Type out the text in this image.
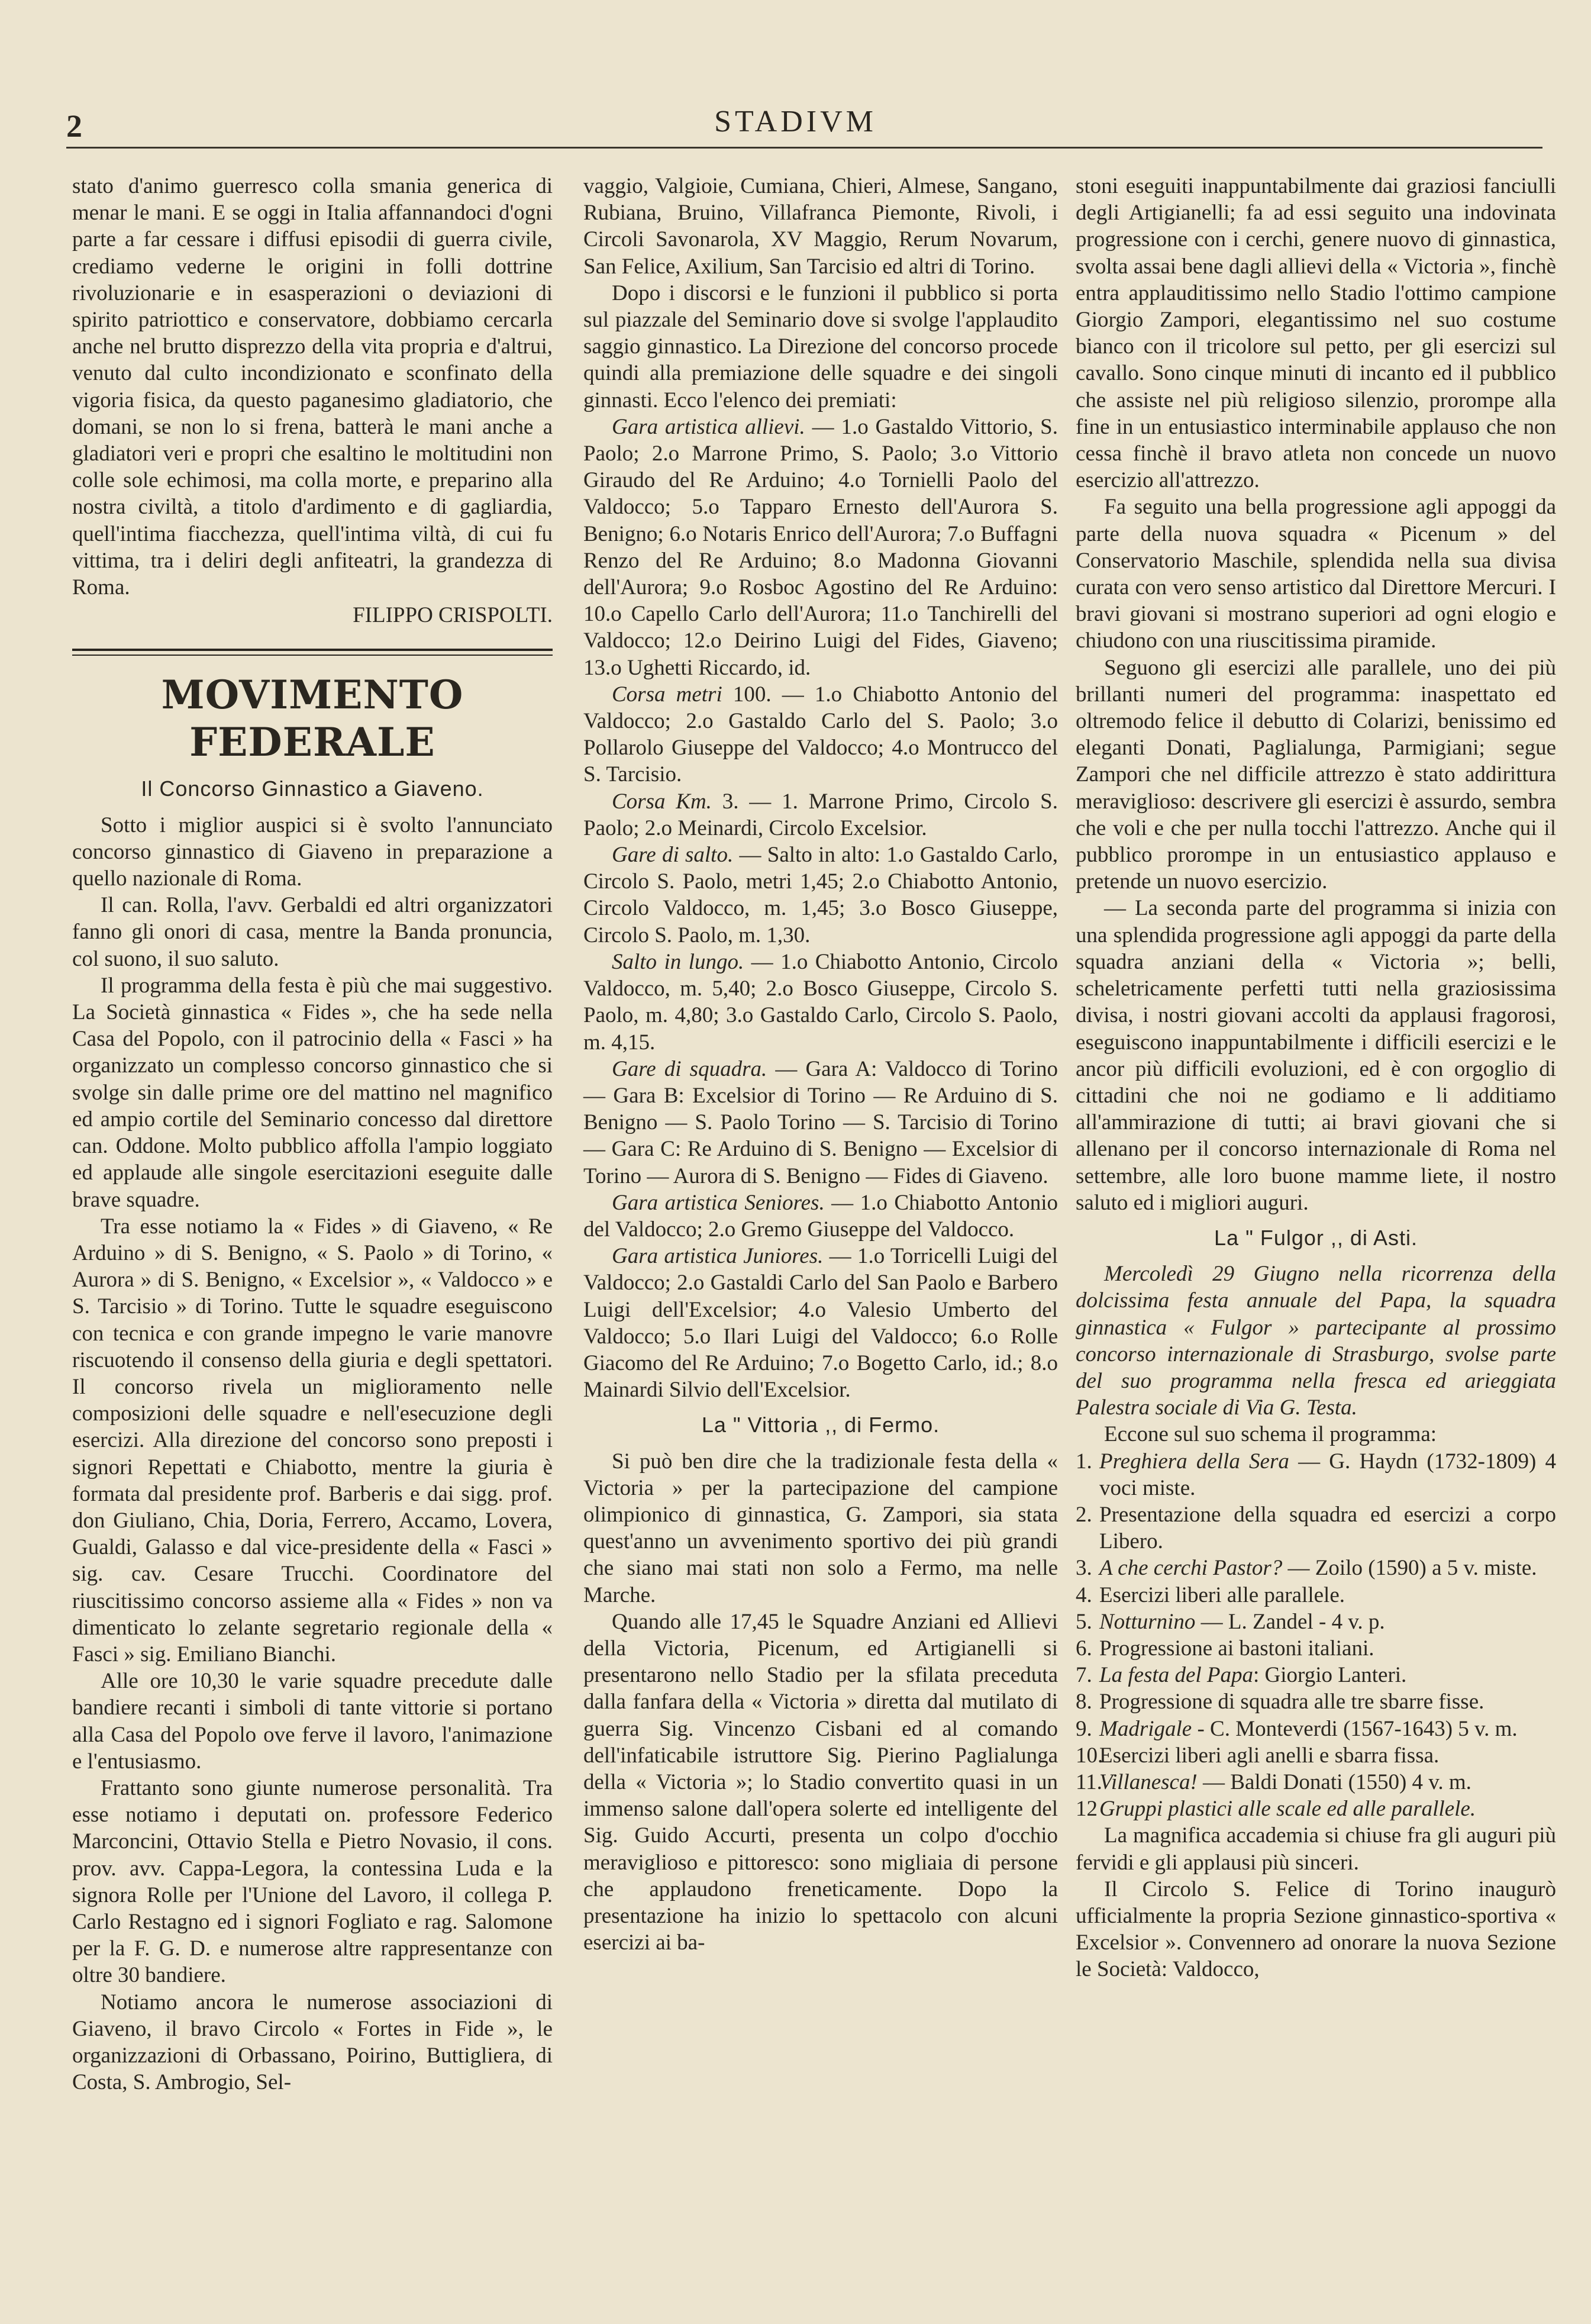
2	STADIVM

stato d'animo guerresco colla smania generica di menar le mani. E se oggi in Italia affannandoci d'ogni parte a far cessare i diffusi episodii di guerra civile, crediamo vederne le origini in folli dottrine rivoluzionarie e in esasperazioni o deviazioni di spirito patriottico e conservatore, dobbiamo cercarla anche nel brutto disprezzo della vita propria e d'altrui, venuto dal culto incondizionato e sconfinato della vigoria fisica, da questo paganesimo gladiatorio, che domani, se non lo si frena, batterà le mani anche a gladiatori veri e propri che esaltino le moltitudini non colle sole echimosi, ma colla morte, e preparino alla nostra civiltà, a titolo d'ardimento e di gagliardia, quell'intima fiacchezza, quell'intima viltà, di cui fu vittima, tra i deliri degli anfiteatri, la grandezza di Roma.

FILIPPO CRISPOLTI.

MOVIMENTO FEDERALE
Il Concorso Ginnastico a Giaveno.

Sotto i miglior auspici si è svolto l'annunciato concorso ginnastico di Giaveno in preparazione a quello nazionale di Roma.

Il can. Rolla, l'avv. Gerbaldi ed altri organizzatori fanno gli onori di casa, mentre la Banda pronuncia, col suono, il suo saluto.

Il programma della festa è più che mai suggestivo. La Società ginnastica « Fides », che ha sede nella Casa del Popolo, con il patrocinio della « Fasci » ha organizzato un complesso concorso ginnastico che si svolge sin dalle prime ore del mattino nel magnifico ed ampio cortile del Seminario concesso dal direttore can. Oddone. Molto pubblico affolla l'ampio loggiato ed applaude alle singole esercitazioni eseguite dalle brave squadre.

Tra esse notiamo la « Fides » di Giaveno, « Re Arduino » di S. Benigno, « S. Paolo » di Torino, « Aurora » di S. Benigno, « Excelsior », « Valdocco » e S. Tarcisio » di Torino. Tutte le squadre eseguiscono con tecnica e con grande impegno le varie manovre riscuotendo il consenso della giuria e degli spettatori. Il concorso rivela un miglioramento nelle composizioni delle squadre e nell'esecuzione degli esercizi. Alla direzione del concorso sono preposti i signori Repettati e Chiabotto, mentre la giuria è formata dal presidente prof. Barberis e dai sigg. prof. don Giuliano, Chia, Doria, Ferrero, Accamo, Lovera, Gualdi, Galasso e dal vice-presidente della « Fasci » sig. cav. Cesare Trucchi. Coordinatore del riuscitissimo concorso assieme alla « Fides » non va dimenticato lo zelante segretario regionale della « Fasci » sig. Emiliano Bianchi.

Alle ore 10,30 le varie squadre precedute dalle bandiere recanti i simboli di tante vittorie si portano alla Casa del Popolo ove ferve il lavoro, l'animazione e l'entusiasmo.

Frattanto sono giunte numerose personalità. Tra esse notiamo i deputati on. professore Federico Marconcini, Ottavio Stella e Pietro Novasio, il cons. prov. avv. Cappa-Legora, la contessina Luda e la signora Rolle per l'Unione del Lavoro, il collega P. Carlo Restagno ed i signori Fogliato e rag. Salomone per la F. G. D. e numerose altre rappresentanze con oltre 30 bandiere.

Notiamo ancora le numerose associazioni di Giaveno, il bravo Circolo « Fortes in Fide », le organizzazioni di Orbassano, Poirino, Buttigliera, di Costa, S. Ambrogio, Sel-

vaggio, Valgioie, Cumiana, Chieri, Almese, Sangano, Rubiana, Bruino, Villafranca Piemonte, Rivoli, i Circoli Savonarola, XV Maggio, Rerum Novarum, San Felice, Axilium, San Tarcisio ed altri di Torino.

Dopo i discorsi e le funzioni il pubblico si porta sul piazzale del Seminario dove si svolge l'applaudito saggio ginnastico. La Direzione del concorso procede quindi alla premiazione delle squadre e dei singoli ginnasti. Ecco l'elenco dei premiati:

Gara artistica allievi. — 1.o Gastaldo Vittorio, S. Paolo; 2.o Marrone Primo, S. Paolo; 3.o Vittorio Giraudo del Re Arduino; 4.o Tornielli Paolo del Valdocco; 5.o Tapparo Ernesto dell'Aurora S. Benigno; 6.o Notaris Enrico dell'Aurora; 7.o Buffagni Renzo del Re Arduino; 8.o Madonna Giovanni dell'Aurora; 9.o Rosboc Agostino del Re Arduino: 10.o Capello Carlo dell'Aurora; 11.o Tanchirelli del Valdocco; 12.o Deirino Luigi del Fides, Giaveno; 13.o Ughetti Riccardo, id.

Corsa metri 100. — 1.o Chiabotto Antonio del Valdocco; 2.o Gastaldo Carlo del S. Paolo; 3.o Pollarolo Giuseppe del Valdocco; 4.o Montrucco del S. Tarcisio.

Corsa Km. 3. — 1. Marrone Primo, Circolo S. Paolo; 2.o Meinardi, Circolo Excelsior.

Gare di salto. — Salto in alto: 1.o Gastaldo Carlo, Circolo S. Paolo, metri 1,45; 2.o Chiabotto Antonio, Circolo Valdocco, m. 1,45; 3.o Bosco Giuseppe, Circolo S. Paolo, m. 1,30.

Salto in lungo. — 1.o Chiabotto Antonio, Circolo Valdocco, m. 5,40; 2.o Bosco Giuseppe, Circolo S. Paolo, m. 4,80; 3.o Gastaldo Carlo, Circolo S. Paolo, m. 4,15.

Gare di squadra. — Gara A: Valdocco di Torino — Gara B: Excelsior di Torino — Re Arduino di S. Benigno — S. Paolo Torino — S. Tarcisio di Torino — Gara C: Re Arduino di S. Benigno — Excelsior di Torino — Aurora di S. Benigno — Fides di Giaveno.

Gara artistica Seniores. — 1.o Chiabotto Antonio del Valdocco; 2.o Gremo Giuseppe del Valdocco.

Gara artistica Juniores. — 1.o Torricelli Luigi del Valdocco; 2.o Gastaldi Carlo del San Paolo e Barbero Luigi dell'Excelsior; 4.o Valesio Umberto del Valdocco; 5.o Ilari Luigi del Valdocco; 6.o Rolle Giacomo del Re Arduino; 7.o Bogetto Carlo, id.; 8.o Mainardi Silvio dell'Excelsior.

La " Vittoria ,, di Fermo.

Si può ben dire che la tradizionale festa della « Victoria » per la partecipazione del campione olimpionico di ginnastica, G. Zampori, sia stata quest'anno un avvenimento sportivo dei più grandi che siano mai stati non solo a Fermo, ma nelle Marche.

Quando alle 17,45 le Squadre Anziani ed Allievi della Victoria, Picenum, ed Artigianelli si presentarono nello Stadio per la sfilata preceduta dalla fanfara della « Victoria » diretta dal mutilato di guerra Sig. Vincenzo Cisbani ed al comando dell'infaticabile istruttore Sig. Pierino Paglialunga della « Victoria »; lo Stadio convertito quasi in un immenso salone dall'opera solerte ed intelligente del Sig. Guido Accurti, presenta un colpo d'occhio meraviglioso e pittoresco: sono migliaia di persone che applaudono freneticamente. Dopo la presentazione ha inizio lo spettacolo con alcuni esercizi ai ba-

stoni eseguiti inappuntabilmente dai graziosi fanciulli degli Artigianelli; fa ad essi seguito una indovinata progressione con i cerchi, genere nuovo di ginnastica, svolta assai bene dagli allievi della « Victoria », finchè entra applauditissimo nello Stadio l'ottimo campione Giorgio Zampori, elegantissimo nel suo costume bianco con il tricolore sul petto, per gli esercizi sul cavallo. Sono cinque minuti di incanto ed il pubblico che assiste nel più religioso silenzio, prorompe alla fine in un entusiastico interminabile applauso che non cessa finchè il bravo atleta non concede un nuovo esercizio all'attrezzo.

Fa seguito una bella progressione agli appoggi da parte della nuova squadra « Picenum » del Conservatorio Maschile, splendida nella sua divisa curata con vero senso artistico dal Direttore Mercuri. I bravi giovani si mostrano superiori ad ogni elogio e chiudono con una riuscitissima piramide.

Seguono gli esercizi alle parallele, uno dei più brillanti numeri del programma: inaspettato ed oltremodo felice il debutto di Colarizi, benissimo ed eleganti Donati, Paglialunga, Parmigiani; segue Zampori che nel difficile attrezzo è stato addirittura meraviglioso: descrivere gli esercizi è assurdo, sembra che voli e che per nulla tocchi l'attrezzo. Anche qui il pubblico prorompe in un entusiastico applauso e pretende un nuovo esercizio.

— La seconda parte del programma si inizia con una splendida progressione agli appoggi da parte della squadra anziani della « Victoria »; belli, scheletricamente perfetti tutti nella graziosissima divisa, i nostri giovani accolti da applausi fragorosi, eseguiscono inappuntabilmente i difficili esercizi e le ancor più difficili evoluzioni, ed è con orgoglio di cittadini che noi ne godiamo e li additiamo all'ammirazione di tutti; ai bravi giovani che si allenano per il concorso internazionale di Roma nel settembre, alle loro buone mamme liete, il nostro saluto ed i migliori auguri.

La " Fulgor ,, di Asti.

Mercoledì 29 Giugno nella ricorrenza della dolcissima festa annuale del Papa, la squadra ginnastica « Fulgor » partecipante al prossimo concorso internazionale di Strasburgo, svolse parte del suo programma nella fresca ed arieggiata Palestra sociale di Via G. Testa.

Eccone sul suo schema il programma:

1. Preghiera della Sera — G. Haydn (1732-1809) 4 voci miste.

2. Presentazione della squadra ed esercizi a corpo Libero.

3. A che cerchi Pastor? — Zoilo (1590) a 5 v. miste.

4. Esercizi liberi alle parallele.

5. Notturnino — L. Zandel - 4 v. p.

6. Progressione ai bastoni italiani.

7. La festa del Papa: Giorgio Lanteri.

8. Progressione di squadra alle tre sbarre fisse.

9. Madrigale - C. Monteverdi (1567-1643) 5 v. m.

10.
Esercizi liberi agli anelli e sbarra fissa.

11.
Villanesca! — Baldi Donati (1550) 4 v. m.

12 Gruppi plastici alle scale ed alle parallele.

La magnifica accademia si chiuse fra gli auguri più fervidi e gli applausi più sinceri.

Il Circolo S. Felice di Torino inaugurò ufficialmente la propria Sezione ginnastico-sportiva « Excelsior ». Convennero ad onorare la nuova Sezione le Società: Valdocco,
